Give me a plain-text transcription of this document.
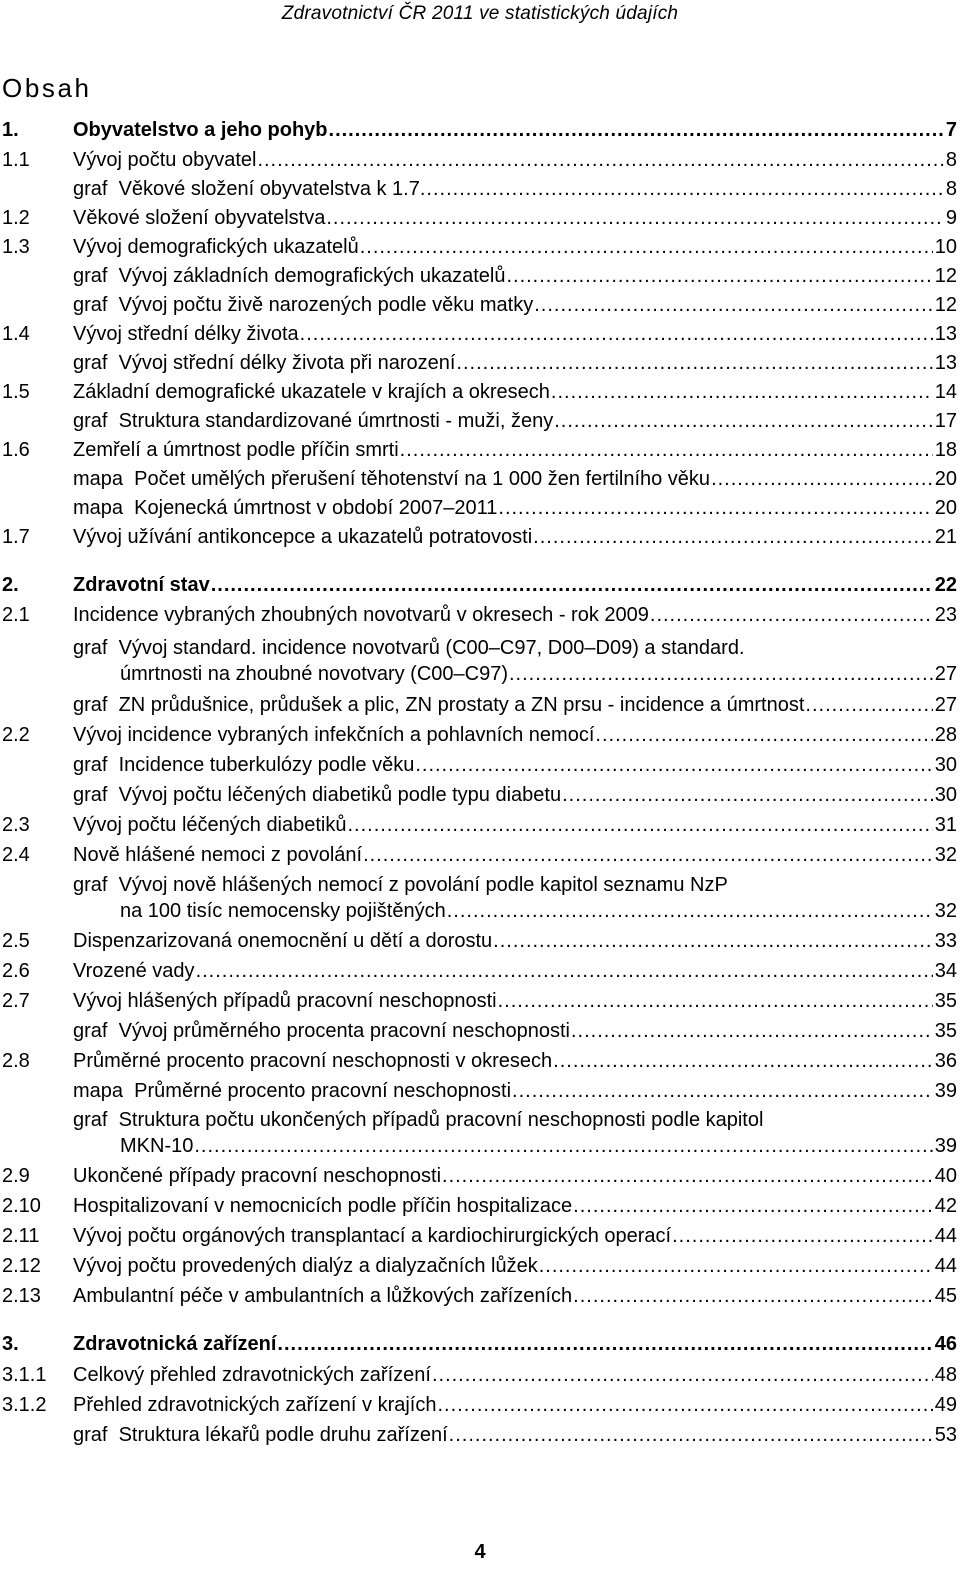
Zdravotnictví ČR 2011 ve statistických údajích
Obsah
1.	Obyvatelstvo a jeho pohyb .....	7
1.1 Vývoj počtu obyvatel .....	8
graf Věkové složení obyvatelstva k 1.7. .....	8
1.2 Věkové složení obyvatelstva .....	9
1.3 Vývoj demografických ukazatelů .....	10
graf Vývoj základních demografických ukazatelů .....	12
graf Vývoj počtu živě narozených podle věku matky .....	12
1.4 Vývoj střední délky života .....	13
graf Vývoj střední délky života při narození .....	13
1.5 Základní demografické ukazatele v krajích a okresech .....	14
graf Struktura standardizované úmrtnosti - muži, ženy .....	17
1.6 Zemřelí a úmrtnost podle příčin smrti .....	18
mapa Počet umělých přerušení těhotenství na 1 000 žen fertilního věku .....	20
mapa Kojenecká úmrtnost v období 2007–2011 .....	20
1.7 Vývoj užívání antikoncepce a ukazatelů potratovosti .....	21
2.	Zdravotní stav .....	22
2.1 Incidence vybraných zhoubných novotvarů v okresech - rok 2009 .....	23
graf  Vývoj standard. incidence novotvarů (C00–C97, D00–D09) a standard.
úmrtnosti na zhoubné novotvary (C00–C97) .....	27
graf ZN průdušnice, průdušek a plic, ZN prostaty a ZN prsu - incidence a úmrtnost .....	27
2.2 Vývoj incidence vybraných infekčních a pohlavních nemocí .....	28
graf Incidence tuberkulózy podle věku .....	30
graf Vývoj počtu léčených diabetiků podle typu diabetu .....	30
2.3 Vývoj počtu léčených diabetiků .....	31
2.4 Nově hlášené nemoci z povolání .....	32
graf  Vývoj nově hlášených nemocí z povolání podle kapitol seznamu NzP
na 100 tisíc nemocensky pojištěných .....	32
2.5 Dispenzarizovaná onemocnění u dětí a dorostu .....	33
2.6 Vrozené vady .....	34
2.7 Vývoj hlášených případů pracovní neschopnosti .....	35
graf Vývoj průměrného procenta pracovní neschopnosti .....	35
2.8 Průměrné procento pracovní neschopnosti v okresech .....	36
mapa Průměrné procento pracovní neschopnosti .....	39
graf  Struktura počtu ukončených případů pracovní neschopnosti podle kapitol
MKN-10 .....	39
2.9 Ukončené případy pracovní neschopnosti .....	40
2.10 Hospitalizovaní v nemocnicích podle příčin hospitalizace .....	42
2.11 Vývoj počtu orgánových transplantací a kardiochirurgických operací .....	44
2.12 Vývoj počtu provedených dialýz a dialyzačních lůžek .....	44
2.13 Ambulantní péče v ambulantních a lůžkových zařízeních .....	45
3.	Zdravotnická zařízení .....	46
3.1.1 Celkový přehled zdravotnických zařízení .....	48
3.1.2 Přehled zdravotnických zařízení v krajích .....	49
graf Struktura lékařů podle druhu zařízení .....	53
4
